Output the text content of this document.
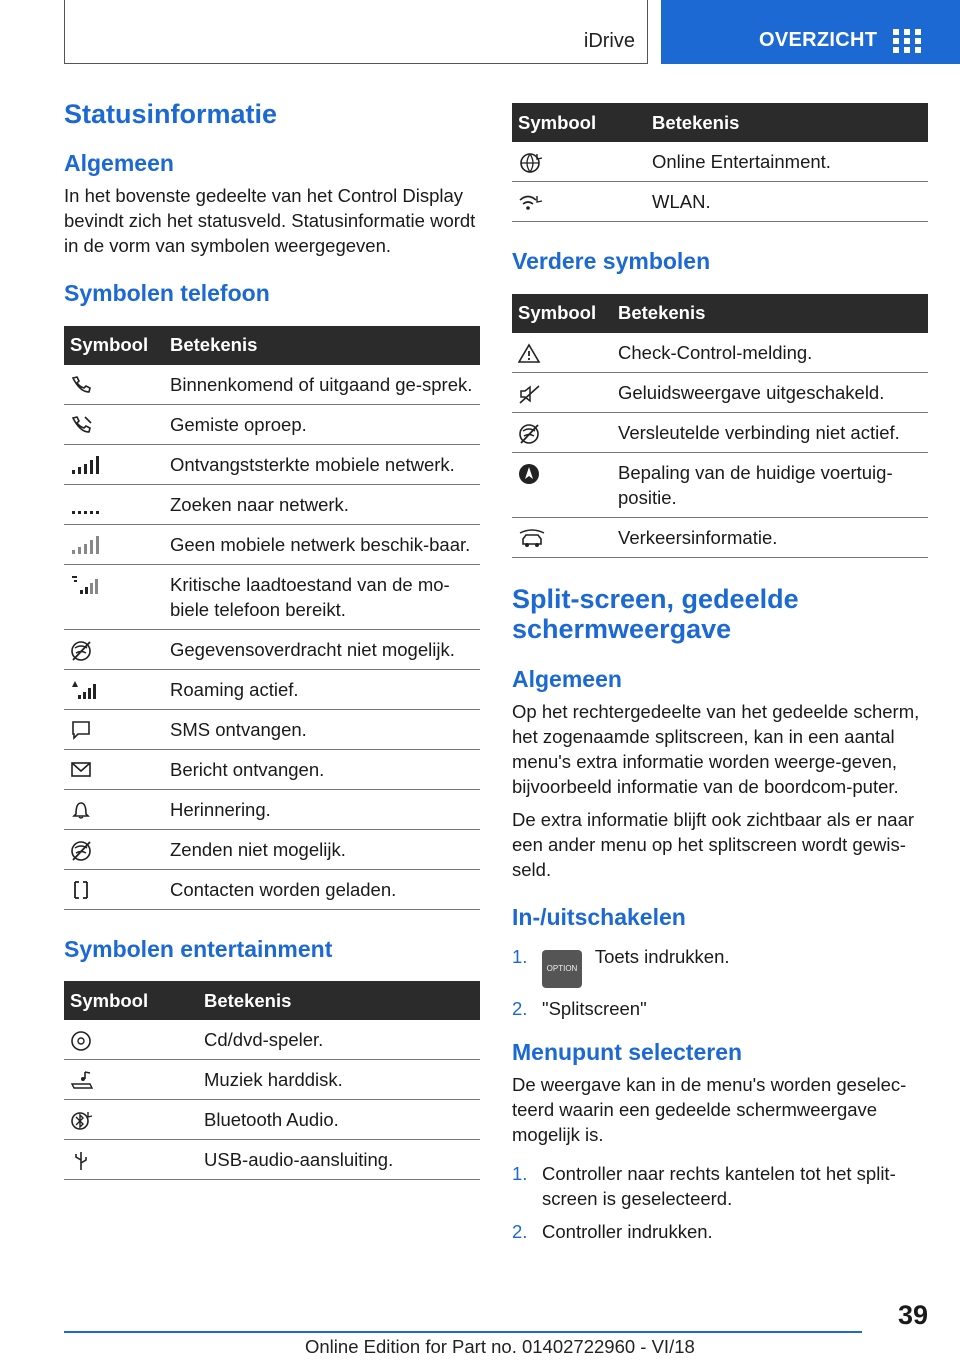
iDrive	OVERZICHT
Statusinformatie
Algemeen

In het bovenste gedeelte van het Control Display bevindt zich het statusveld. Statusinformatie wordt in de vorm van symbolen weergegeven.

Symbolen telefoon
Symbool	Betekenis

	Binnenkomend of uitgaand ge-sprek.

	Gemiste oproep.

	Ontvangststerkte mobiele netwerk.

	Zoeken naar netwerk.

	Geen mobiele netwerk beschik-baar.

	Kritische laadtoestand van de mo-biele telefoon bereikt.

	Gegevensoverdracht niet mogelijk.

	Roaming actief.

	SMS ontvangen.

	Bericht ontvangen.

	Herinnering.

	Zenden niet mogelijk.

	Contacten worden geladen.
Symbolen entertainment
Symbool	Betekenis

	Cd/dvd-speler.

	Muziek harddisk.

	Bluetooth Audio.

	USB-audio-aansluiting.
Symbool	Betekenis

	Online Entertainment.

	WLAN.
Verdere symbolen
Symbool	Betekenis

	Check-Control-melding.

	Geluidsweergave uitgeschakeld.

	Versleutelde verbinding niet actief.

	Bepaling van de huidige voertuig-positie.

	Verkeersinformatie.
Split-screen, gedeelde schermweergave
Algemeen

Op het rechtergedeelte van het gedeelde scherm, het zogenaamde splitscreen, kan in een aantal menu's extra informatie worden weerge-geven, bijvoorbeeld informatie van de boordcom-puter.

De extra informatie blijft ook zichtbaar als er naar een ander menu op het splitscreen wordt gewis-seld.

In-/uitschakelen
1.
OPTION Toets indrukken.
2. "Splitscreen"
Menupunt selecteren

De weergave kan in de menu's worden geselec-teerd waarin een gedeelde schermweergave mogelijk is.

1. Controller naar rechts kantelen tot het split-screen is geselecteerd.
2. Controller indrukken.
39
Online Edition for Part no. 01402722960 - VI/18
